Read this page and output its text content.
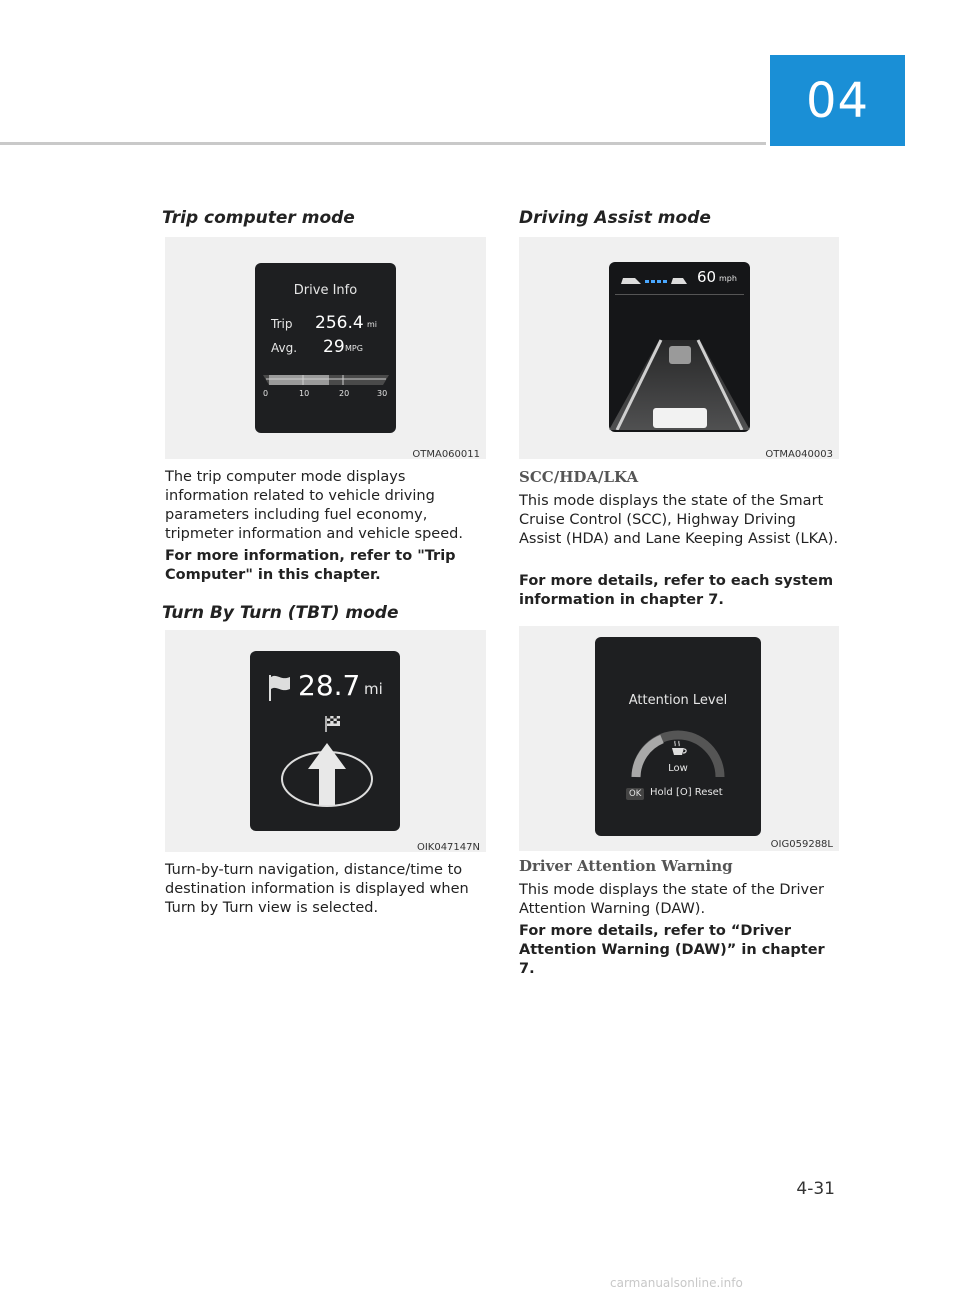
04
Trip computer mode
Drive Info
Trip 256.4 mi
Avg. 29 MPG
0	10	20	30
OTMA060011
The trip computer mode displays information related to vehicle driving parameters including fuel economy, tripmeter information and vehicle speed.
For more information, refer to "Trip Computer" in this chapter.
Turn By Turn (TBT) mode
28.7 mi
OIK047147N
Turn-by-turn navigation, distance/time to destination information is displayed when Turn by Turn view is selected.
Driving Assist mode
60 mph
OTMA040003
SCC/HDA/LKA
This mode displays the state of the Smart Cruise Control (SCC), Highway Driving Assist (HDA) and Lane Keeping Assist (LKA).
For more details, refer to each system information in chapter 7.
Attention Level
Low
OK Hold [O] Reset
OIG059288L
Driver Attention Warning
This mode displays the state of the Driver Attention Warning (DAW).
For more details, refer to “Driver Attention Warning (DAW)” in chapter 7.
4-31
carmanualsonline.info
